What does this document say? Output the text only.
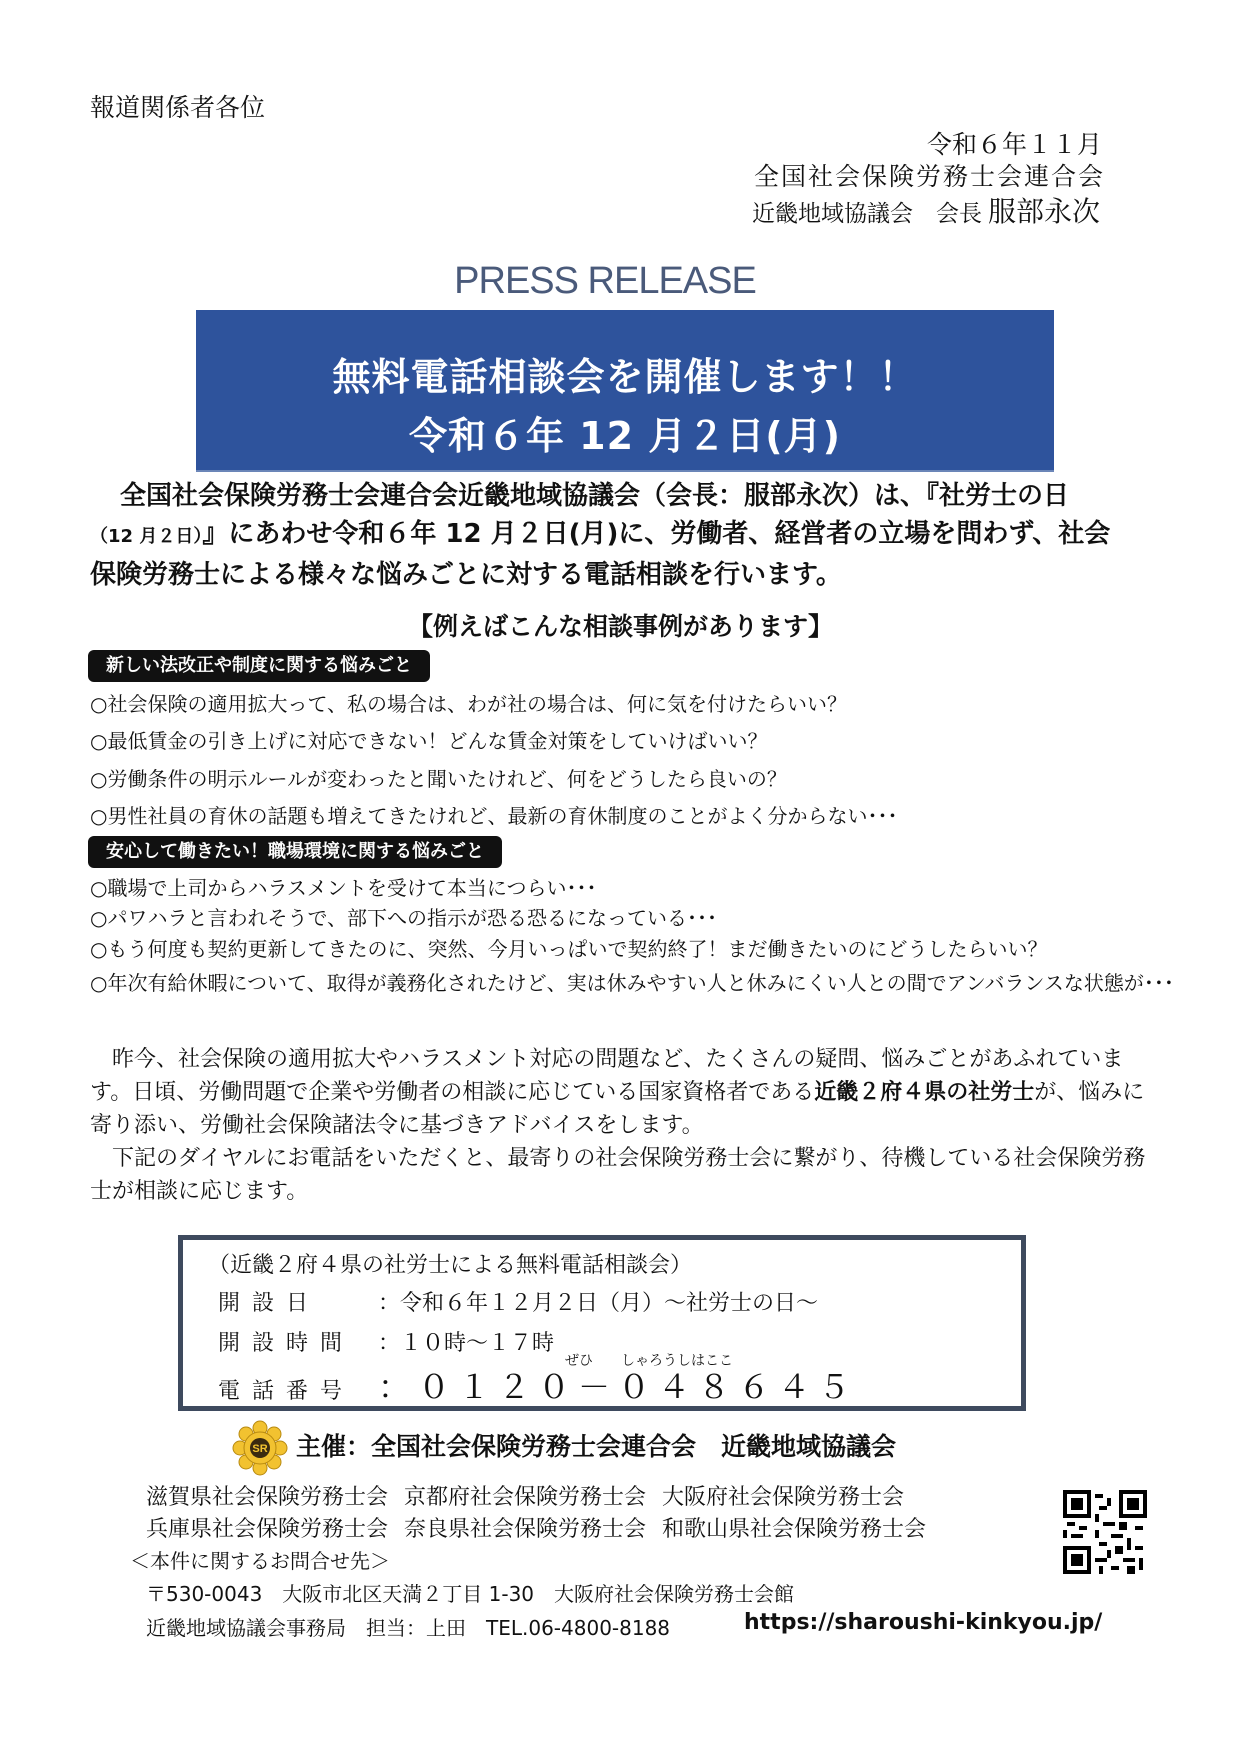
報道関係者各位
令和６年１１月
全国社会保険労務士会連合会
近畿地域協議会　会長 服部永次
PRESS RELEASE
無料電話相談会を開催します！！
令和６年 12 月２日(月)
全国社会保険労務士会連合会近畿地域協議会（会長：服部永次）は、『社労士の日
（12 月２日）』にあわせ令和６年 12 月２日(月)に、労働者、経営者の立場を問わず、社会
保険労務士による様々な悩みごとに対する電話相談を行います。
【例えばこんな相談事例があります】
新しい法改正や制度に関する悩みごと
○社会保険の適用拡大って、私の場合は、わが社の場合は、何に気を付けたらいい？
○最低賃金の引き上げに対応できない！どんな賃金対策をしていけばいい？
○労働条件の明示ルールが変わったと聞いたけれど、何をどうしたら良いの？
○男性社員の育休の話題も増えてきたけれど、最新の育休制度のことがよく分からない･･･
安心して働きたい！職場環境に関する悩みごと
○職場で上司からハラスメントを受けて本当につらい･･･
○パワハラと言われそうで、部下への指示が恐る恐るになっている･･･
○もう何度も契約更新してきたのに、突然、今月いっぱいで契約終了！まだ働きたいのにどうしたらいい？
○年次有給休暇について、取得が義務化されたけど、実は休みやすい人と休みにくい人との間でアンバランスな状態が･･･

昨今、社会保険の適用拡大やハラスメント対応の問題など、たくさんの疑問、悩みごとがあふれています。日頃、労働問題で企業や労働者の相談に応じている国家資格者である近畿２府４県の社労士が、悩みに寄り添い、労働社会保険諸法令に基づきアドバイスをします。

下記のダイヤルにお電話をいただくと、最寄りの社会保険労務士会に繋がり、待機している社会保険労務士が相談に応じます。

（近畿２府４県の社労士による無料電話相談会）
開設日	：令和６年１２月２日（月）～社労士の日～
開設時間 ：１０時～１７時
ぜひ しゃろうしはここ
電話番号 ：０１２０－０４８６４５
SR 主催：全国社会保険労務士会連合会　近畿地域協議会
滋賀県社会保険労務士会 京都府社会保険労務士会 大阪府社会保険労務士会
兵庫県社会保険労務士会 奈良県社会保険労務士会 和歌山県社会保険労務士会
＜本件に関するお問合せ先＞
〒530-0043　大阪市北区天満２丁目 1-30　大阪府社会保険労務士会館
近畿地域協議会事務局　担当：上田　TEL.06-4800-8188	https://sharoushi-kinkyou.jp/
